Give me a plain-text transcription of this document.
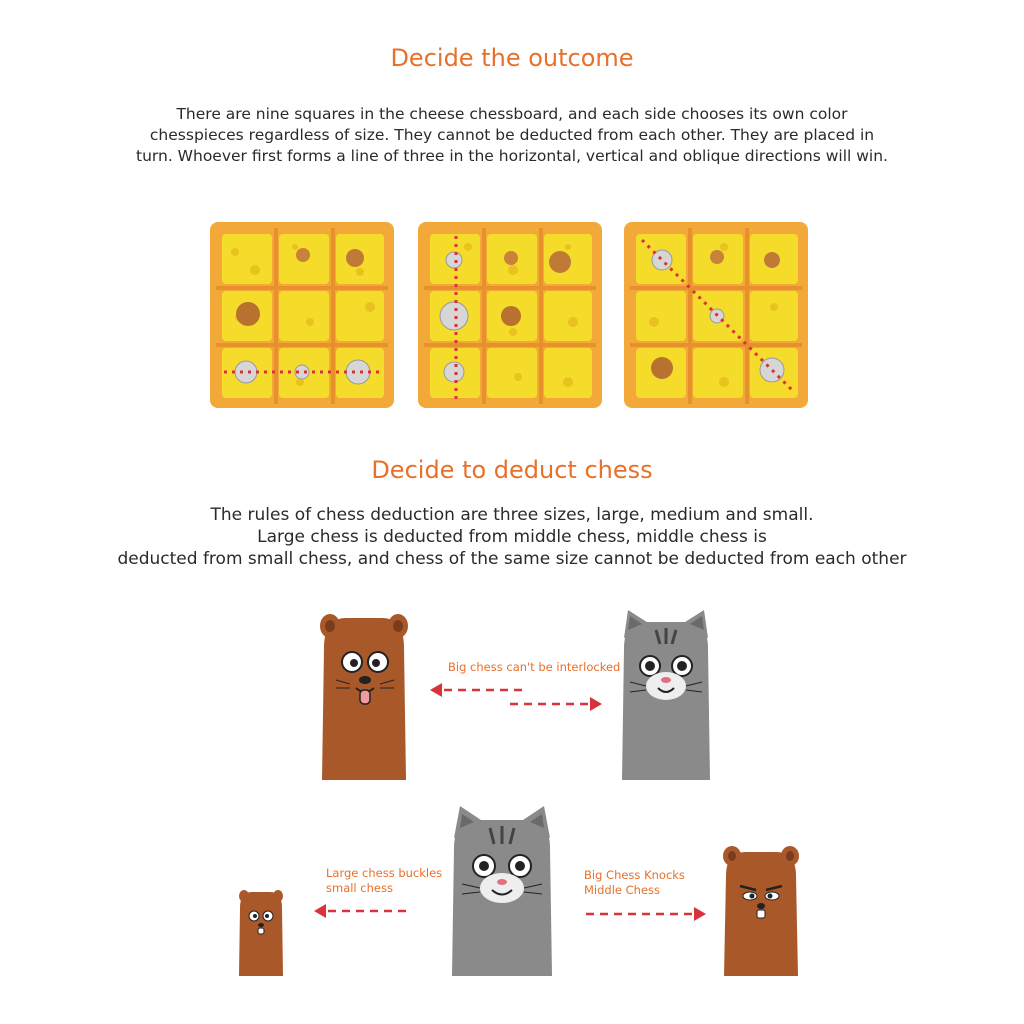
Decide the outcome
There are nine squares in the cheese chessboard, and each side chooses its own color
chesspieces regardless of size. They cannot be deducted from each other. They are placed in
turn. Whoever first forms a line of three in the horizontal, vertical and oblique directions will win.
Decide to deduct chess
The rules of chess deduction are three sizes, large, medium and small.
Large chess is deducted from middle chess, middle chess is
deducted from small chess, and chess of the same size cannot be deducted from each other
Big chess can't be interlocked
Large chess buckles
small chess
Big Chess Knocks
Middle Chess
